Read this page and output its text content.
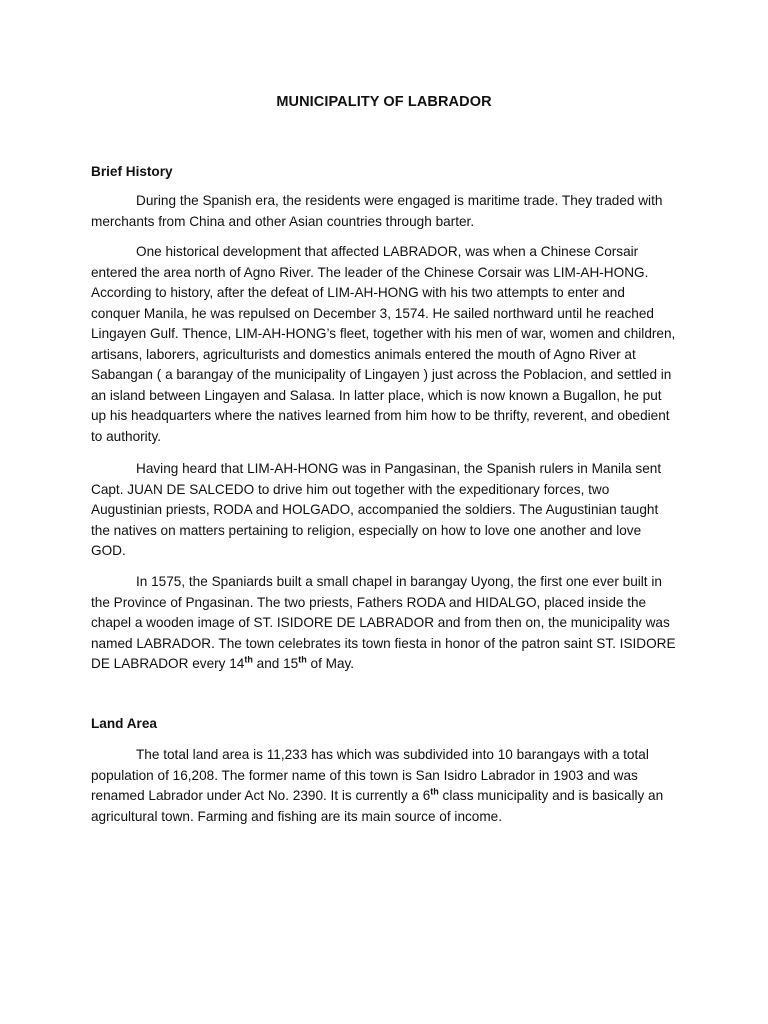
MUNICIPALITY OF LABRADOR

Brief History

During the Spanish era, the residents were engaged is maritime trade. They traded with merchants from China and other Asian countries through barter.

One historical development that affected LABRADOR, was when a Chinese Corsair entered the area north of Agno River. The leader of the Chinese Corsair was LIM-AH-HONG. According to history, after the defeat of LIM-AH-HONG with his two attempts to enter and conquer Manila, he was repulsed on December 3, 1574. He sailed northward until he reached Lingayen Gulf. Thence, LIM-AH-HONG’s fleet, together with his men of war, women and children, artisans, laborers, agriculturists and domestics animals entered the mouth of Agno River at Sabangan ( a barangay of the municipality of Lingayen ) just across the Poblacion, and settled in an island between Lingayen and Salasa. In latter place, which is now known a Bugallon, he put up his headquarters where the natives learned from him how to be thrifty, reverent, and obedient to authority.

Having heard that LIM-AH-HONG was in Pangasinan, the Spanish rulers in Manila sent Capt. JUAN DE SALCEDO to drive him out together with the expeditionary forces, two Augustinian priests, RODA and HOLGADO, accompanied the soldiers. The Augustinian taught the natives on matters pertaining to religion, especially on how to love one another and love GOD.

In 1575, the Spaniards built a small chapel in barangay Uyong, the first one ever built in the Province of Pngasinan. The two priests, Fathers RODA and HIDALGO, placed inside the chapel a wooden image of ST. ISIDORE DE LABRADOR and from then on, the municipality was named LABRADOR. The town celebrates its town fiesta in honor of the patron saint ST. ISIDORE DE LABRADOR every 14th and 15th of May.

Land Area

The total land area is 11,233 has which was subdivided into 10 barangays with a total population of 16,208. The former name of this town is San Isidro Labrador in 1903 and was renamed Labrador under Act No. 2390. It is currently a 6th class municipality and is basically an agricultural town. Farming and fishing are its main source of income.
